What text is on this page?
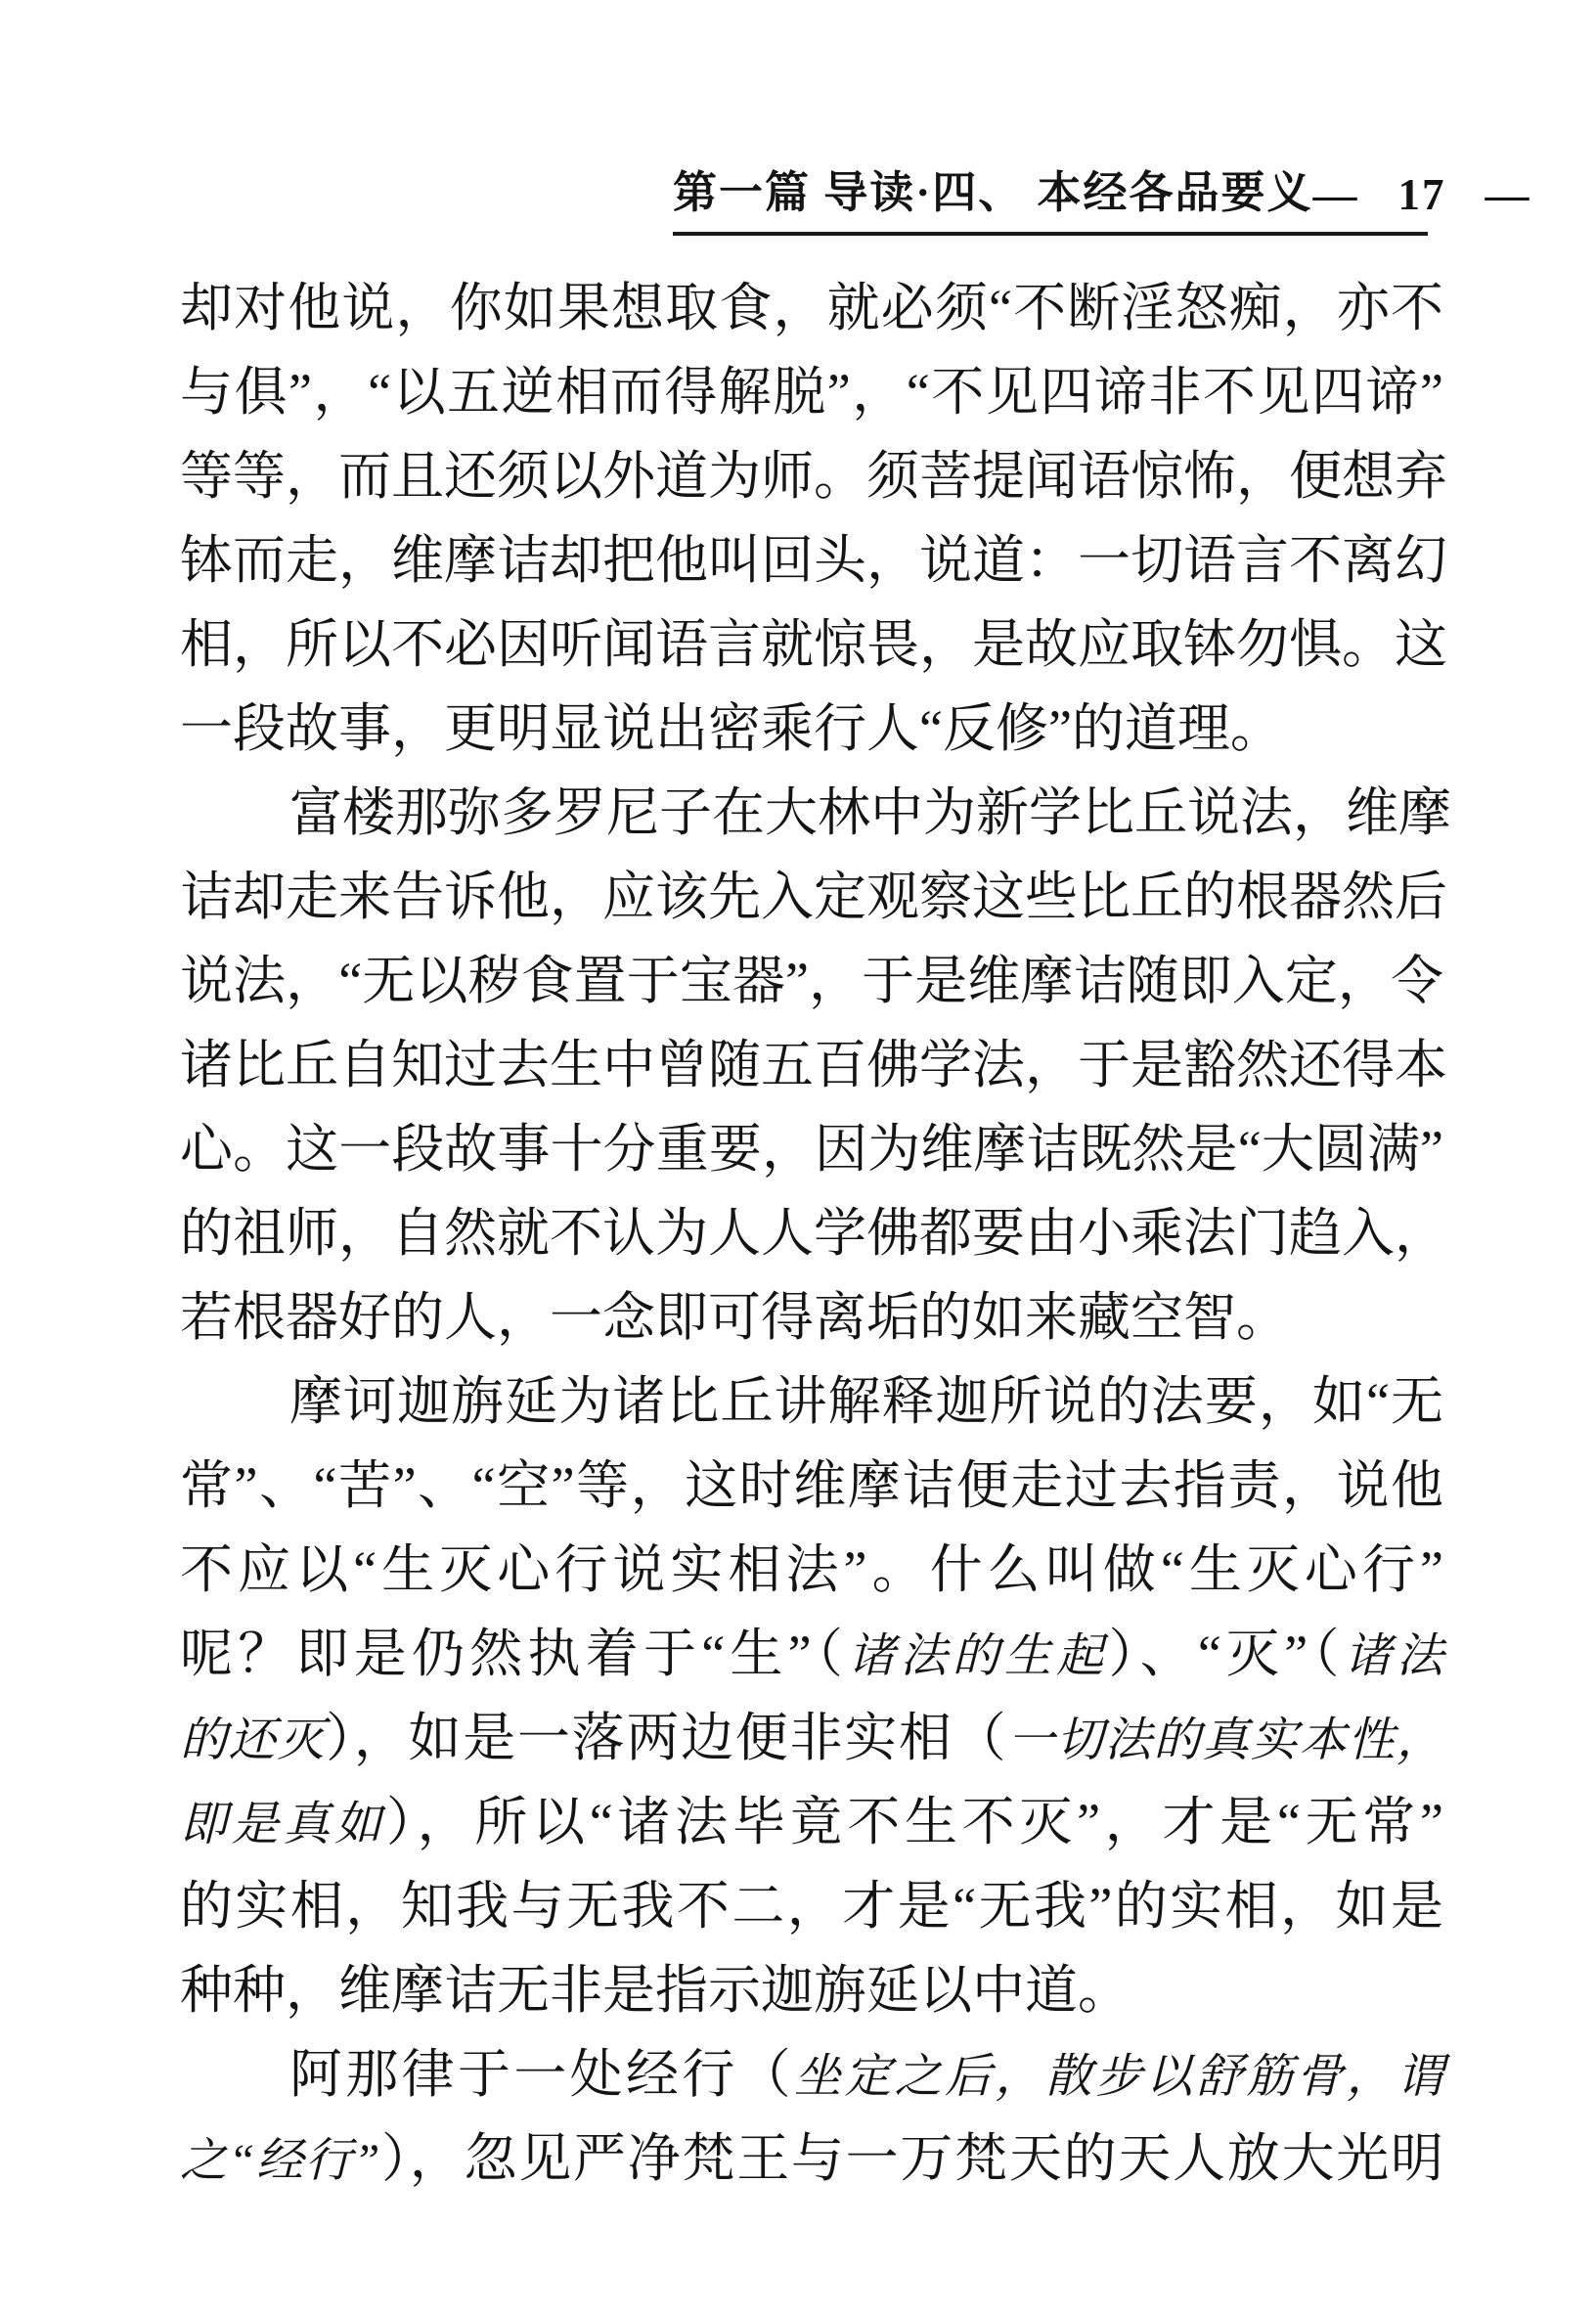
第一篇 导读·四、 本经各品要义 — 17 —
却对他说，你如果想取食，就必须“不断淫怒痴，亦不
与俱”，“以五逆相而得解脱”，“不见四谛非不见四谛”
等等，而且还须以外道为师。须菩提闻语惊怖，便想弃
钵而走，维摩诘却把他叫回头，说道：一切语言不离幻
相，所以不必因听闻语言就惊畏，是故应取钵勿惧。这
一段故事，更明显说出密乘行人“反修”的道理。
富楼那弥多罗尼子在大林中为新学比丘说法，维摩
诘却走来告诉他，应该先入定观察这些比丘的根器然后
说法，“无以秽食置于宝器”，于是维摩诘随即入定，令
诸比丘自知过去生中曾随五百佛学法，于是豁然还得本
心。这一段故事十分重要，因为维摩诘既然是“大圆满”
的祖师，自然就不认为人人学佛都要由小乘法门趋入，
若根器好的人，一念即可得离垢的如来藏空智。
摩诃迦旃延为诸比丘讲解释迦所说的法要，如“无
常”、“苦”、“空”等，这时维摩诘便走过去指责，说他
不应以“生灭心行说实相法”。什么叫做“生灭心行”
呢？即是仍然执着于“生”（诸法的生起）、“灭”（诸法
的还灭），如是一落两边便非实相（一切法的真实本性，
即是真如），所以“诸法毕竟不生不灭”，才是“无常”
的实相，知我与无我不二，才是“无我”的实相，如是
种种，维摩诘无非是指示迦旃延以中道。
阿那律于一处经行（坐定之后，散步以舒筋骨，谓
之“经行”），忽见严净梵王与一万梵天的天人放大光明
